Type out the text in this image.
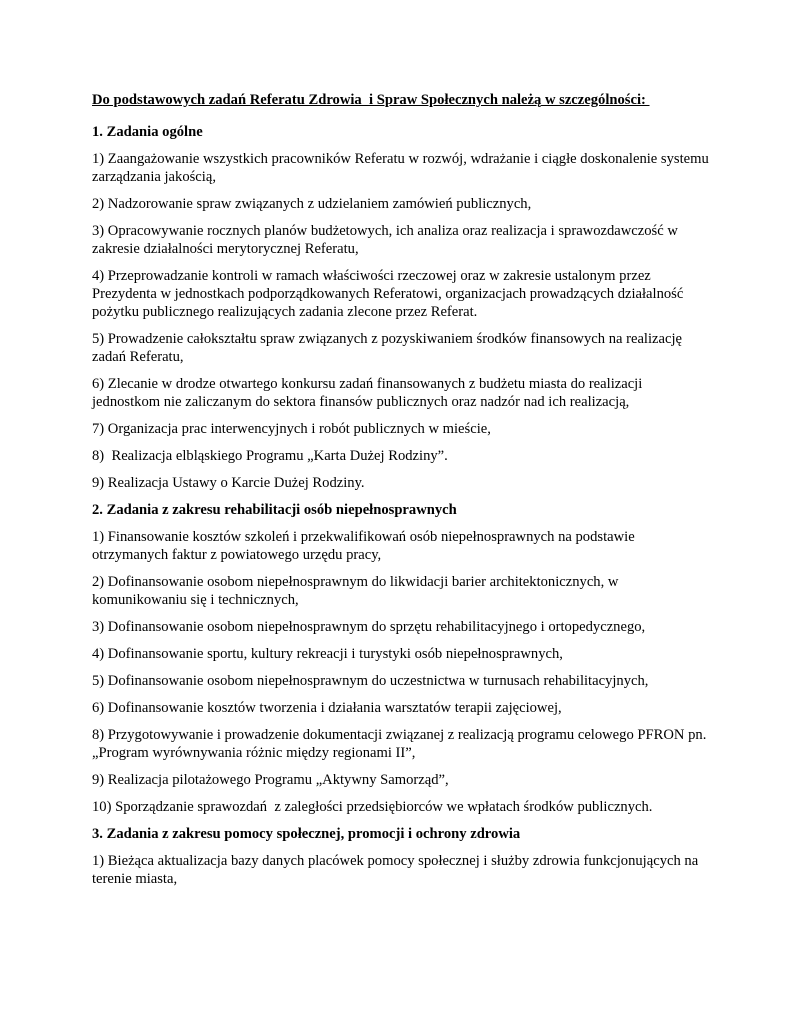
Do podstawowych zadań Referatu Zdrowia  i Spraw Społecznych należą w szczególności:
1. Zadania ogólne
1) Zaangażowanie wszystkich pracowników Referatu w rozwój, wdrażanie i ciągłe doskonalenie systemu zarządzania jakością,
2) Nadzorowanie spraw związanych z udzielaniem zamówień publicznych,
3) Opracowywanie rocznych planów budżetowych, ich analiza oraz realizacja i sprawozdawczość w zakresie działalności merytorycznej Referatu,
4) Przeprowadzanie kontroli w ramach właściwości rzeczowej oraz w zakresie ustalonym przez Prezydenta w jednostkach podporządkowanych Referatowi, organizacjach prowadzących działalność pożytku publicznego realizujących zadania zlecone przez Referat.
5) Prowadzenie całokształtu spraw związanych z pozyskiwaniem środków finansowych na realizację zadań Referatu,
6) Zlecanie w drodze otwartego konkursu zadań finansowanych z budżetu miasta do realizacji jednostkom nie zaliczanym do sektora finansów publicznych oraz nadzór nad ich realizacją,
7) Organizacja prac interwencyjnych i robót publicznych w mieście,
8)  Realizacja elbląskiego Programu „Karta Dużej Rodziny”.
9) Realizacja Ustawy o Karcie Dużej Rodziny.
2. Zadania z zakresu rehabilitacji osób niepełnosprawnych
1) Finansowanie kosztów szkoleń i przekwalifikowań osób niepełnosprawnych na podstawie otrzymanych faktur z powiatowego urzędu pracy,
2) Dofinansowanie osobom niepełnosprawnym do likwidacji barier architektonicznych, w komunikowaniu się i technicznych,
3) Dofinansowanie osobom niepełnosprawnym do sprzętu rehabilitacyjnego i ortopedycznego,
4) Dofinansowanie sportu, kultury rekreacji i turystyki osób niepełnosprawnych,
5) Dofinansowanie osobom niepełnosprawnym do uczestnictwa w turnusach rehabilitacyjnych,
6) Dofinansowanie kosztów tworzenia i działania warsztatów terapii zajęciowej,
8) Przygotowywanie i prowadzenie dokumentacji związanej z realizacją programu celowego PFRON pn. „Program wyrównywania różnic między regionami II”,
9) Realizacja pilotażowego Programu „Aktywny Samorząd”,
10) Sporządzanie sprawozdań  z zaległości przedsiębiorców we wpłatach środków publicznych.
3. Zadania z zakresu pomocy społecznej, promocji i ochrony zdrowia
1) Bieżąca aktualizacja bazy danych placówek pomocy społecznej i służby zdrowia funkcjonujących na terenie miasta,
